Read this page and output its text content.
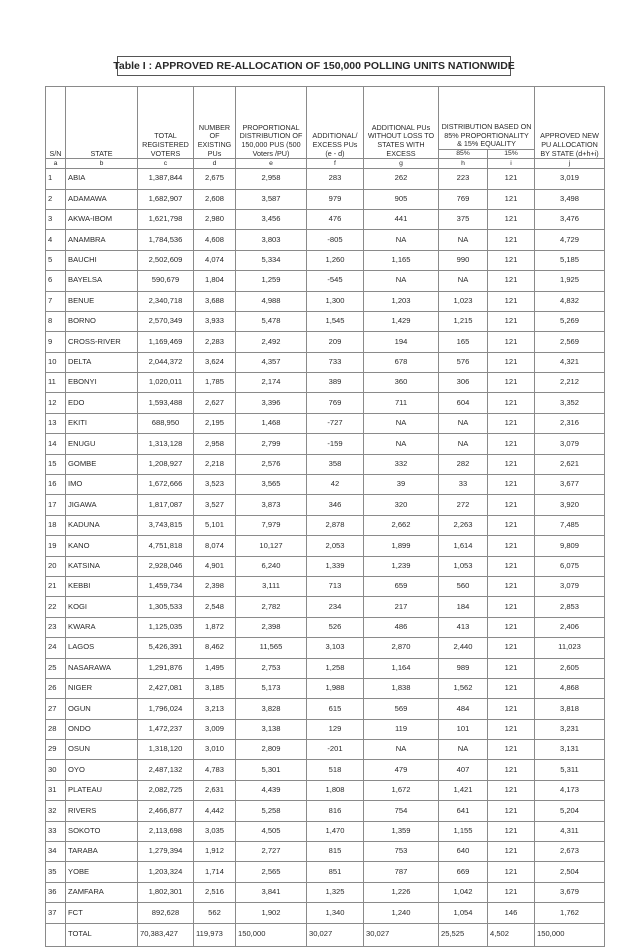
Table I : APPROVED RE-ALLOCATION OF 150,000 POLLING UNITS NATIONWIDE
S/N	STATE	TOTAL REGISTERED VOTERS	NUMBER OF EXISTING PUs	PROPORTIONAL DISTRIBUTION OF 150,000 PUS (500 Voters /PU)	ADDITIONAL/ EXCESS PUs (e - d)	ADDITIONAL PUs WITHOUT LOSS TO STATES WITH EXCESS	DISTRIBUTION BASED ON 85% PROPORTIONALITY & 15% EQUALITY		APPROVED NEW PU ALLOCATION BY STATE (d+h+i)
							85%	15%	
a	b	c	d	e	f	g	h	i	j
1	ABIA	1,387,844	2,675	2,958	283	262	223	121	3,019
2	ADAMAWA	1,682,907	2,608	3,587	979	905	769	121	3,498
3	AKWA-IBOM	1,621,798	2,980	3,456	476	441	375	121	3,476
4	ANAMBRA	1,784,536	4,608	3,803	-805	NA	NA	121	4,729
5	BAUCHI	2,502,609	4,074	5,334	1,260	1,165	990	121	5,185
6	BAYELSA	590,679	1,804	1,259	-545	NA	NA	121	1,925
7	BENUE	2,340,718	3,688	4,988	1,300	1,203	1,023	121	4,832
8	BORNO	2,570,349	3,933	5,478	1,545	1,429	1,215	121	5,269
9	CROSS-RIVER	1,169,469	2,283	2,492	209	194	165	121	2,569
10	DELTA	2,044,372	3,624	4,357	733	678	576	121	4,321
11	EBONYI	1,020,011	1,785	2,174	389	360	306	121	2,212
12	EDO	1,593,488	2,627	3,396	769	711	604	121	3,352
13	EKITI	688,950	2,195	1,468	-727	NA	NA	121	2,316
14	ENUGU	1,313,128	2,958	2,799	-159	NA	NA	121	3,079
15	GOMBE	1,208,927	2,218	2,576	358	332	282	121	2,621
16	IMO	1,672,666	3,523	3,565	42	39	33	121	3,677
17	JIGAWA	1,817,087	3,527	3,873	346	320	272	121	3,920
18	KADUNA	3,743,815	5,101	7,979	2,878	2,662	2,263	121	7,485
19	KANO	4,751,818	8,074	10,127	2,053	1,899	1,614	121	9,809
20	KATSINA	2,928,046	4,901	6,240	1,339	1,239	1,053	121	6,075
21	KEBBI	1,459,734	2,398	3,111	713	659	560	121	3,079
22	KOGI	1,305,533	2,548	2,782	234	217	184	121	2,853
23	KWARA	1,125,035	1,872	2,398	526	486	413	121	2,406
24	LAGOS	5,426,391	8,462	11,565	3,103	2,870	2,440	121	11,023
25	NASARAWA	1,291,876	1,495	2,753	1,258	1,164	989	121	2,605
26	NIGER	2,427,081	3,185	5,173	1,988	1,838	1,562	121	4,868
27	OGUN	1,796,024	3,213	3,828	615	569	484	121	3,818
28	ONDO	1,472,237	3,009	3,138	129	119	101	121	3,231
29	OSUN	1,318,120	3,010	2,809	-201	NA	NA	121	3,131
30	OYO	2,487,132	4,783	5,301	518	479	407	121	5,311
31	PLATEAU	2,082,725	2,631	4,439	1,808	1,672	1,421	121	4,173
32	RIVERS	2,466,877	4,442	5,258	816	754	641	121	5,204
33	SOKOTO	2,113,698	3,035	4,505	1,470	1,359	1,155	121	4,311
34	TARABA	1,279,394	1,912	2,727	815	753	640	121	2,673
35	YOBE	1,203,324	1,714	2,565	851	787	669	121	2,504
36	ZAMFARA	1,802,301	2,516	3,841	1,325	1,226	1,042	121	3,679
37	FCT	892,628	562	1,902	1,340	1,240	1,054	146	1,762
	TOTAL	70,383,427	119,973	150,000	30,027	30,027	25,525	4,502	150,000
